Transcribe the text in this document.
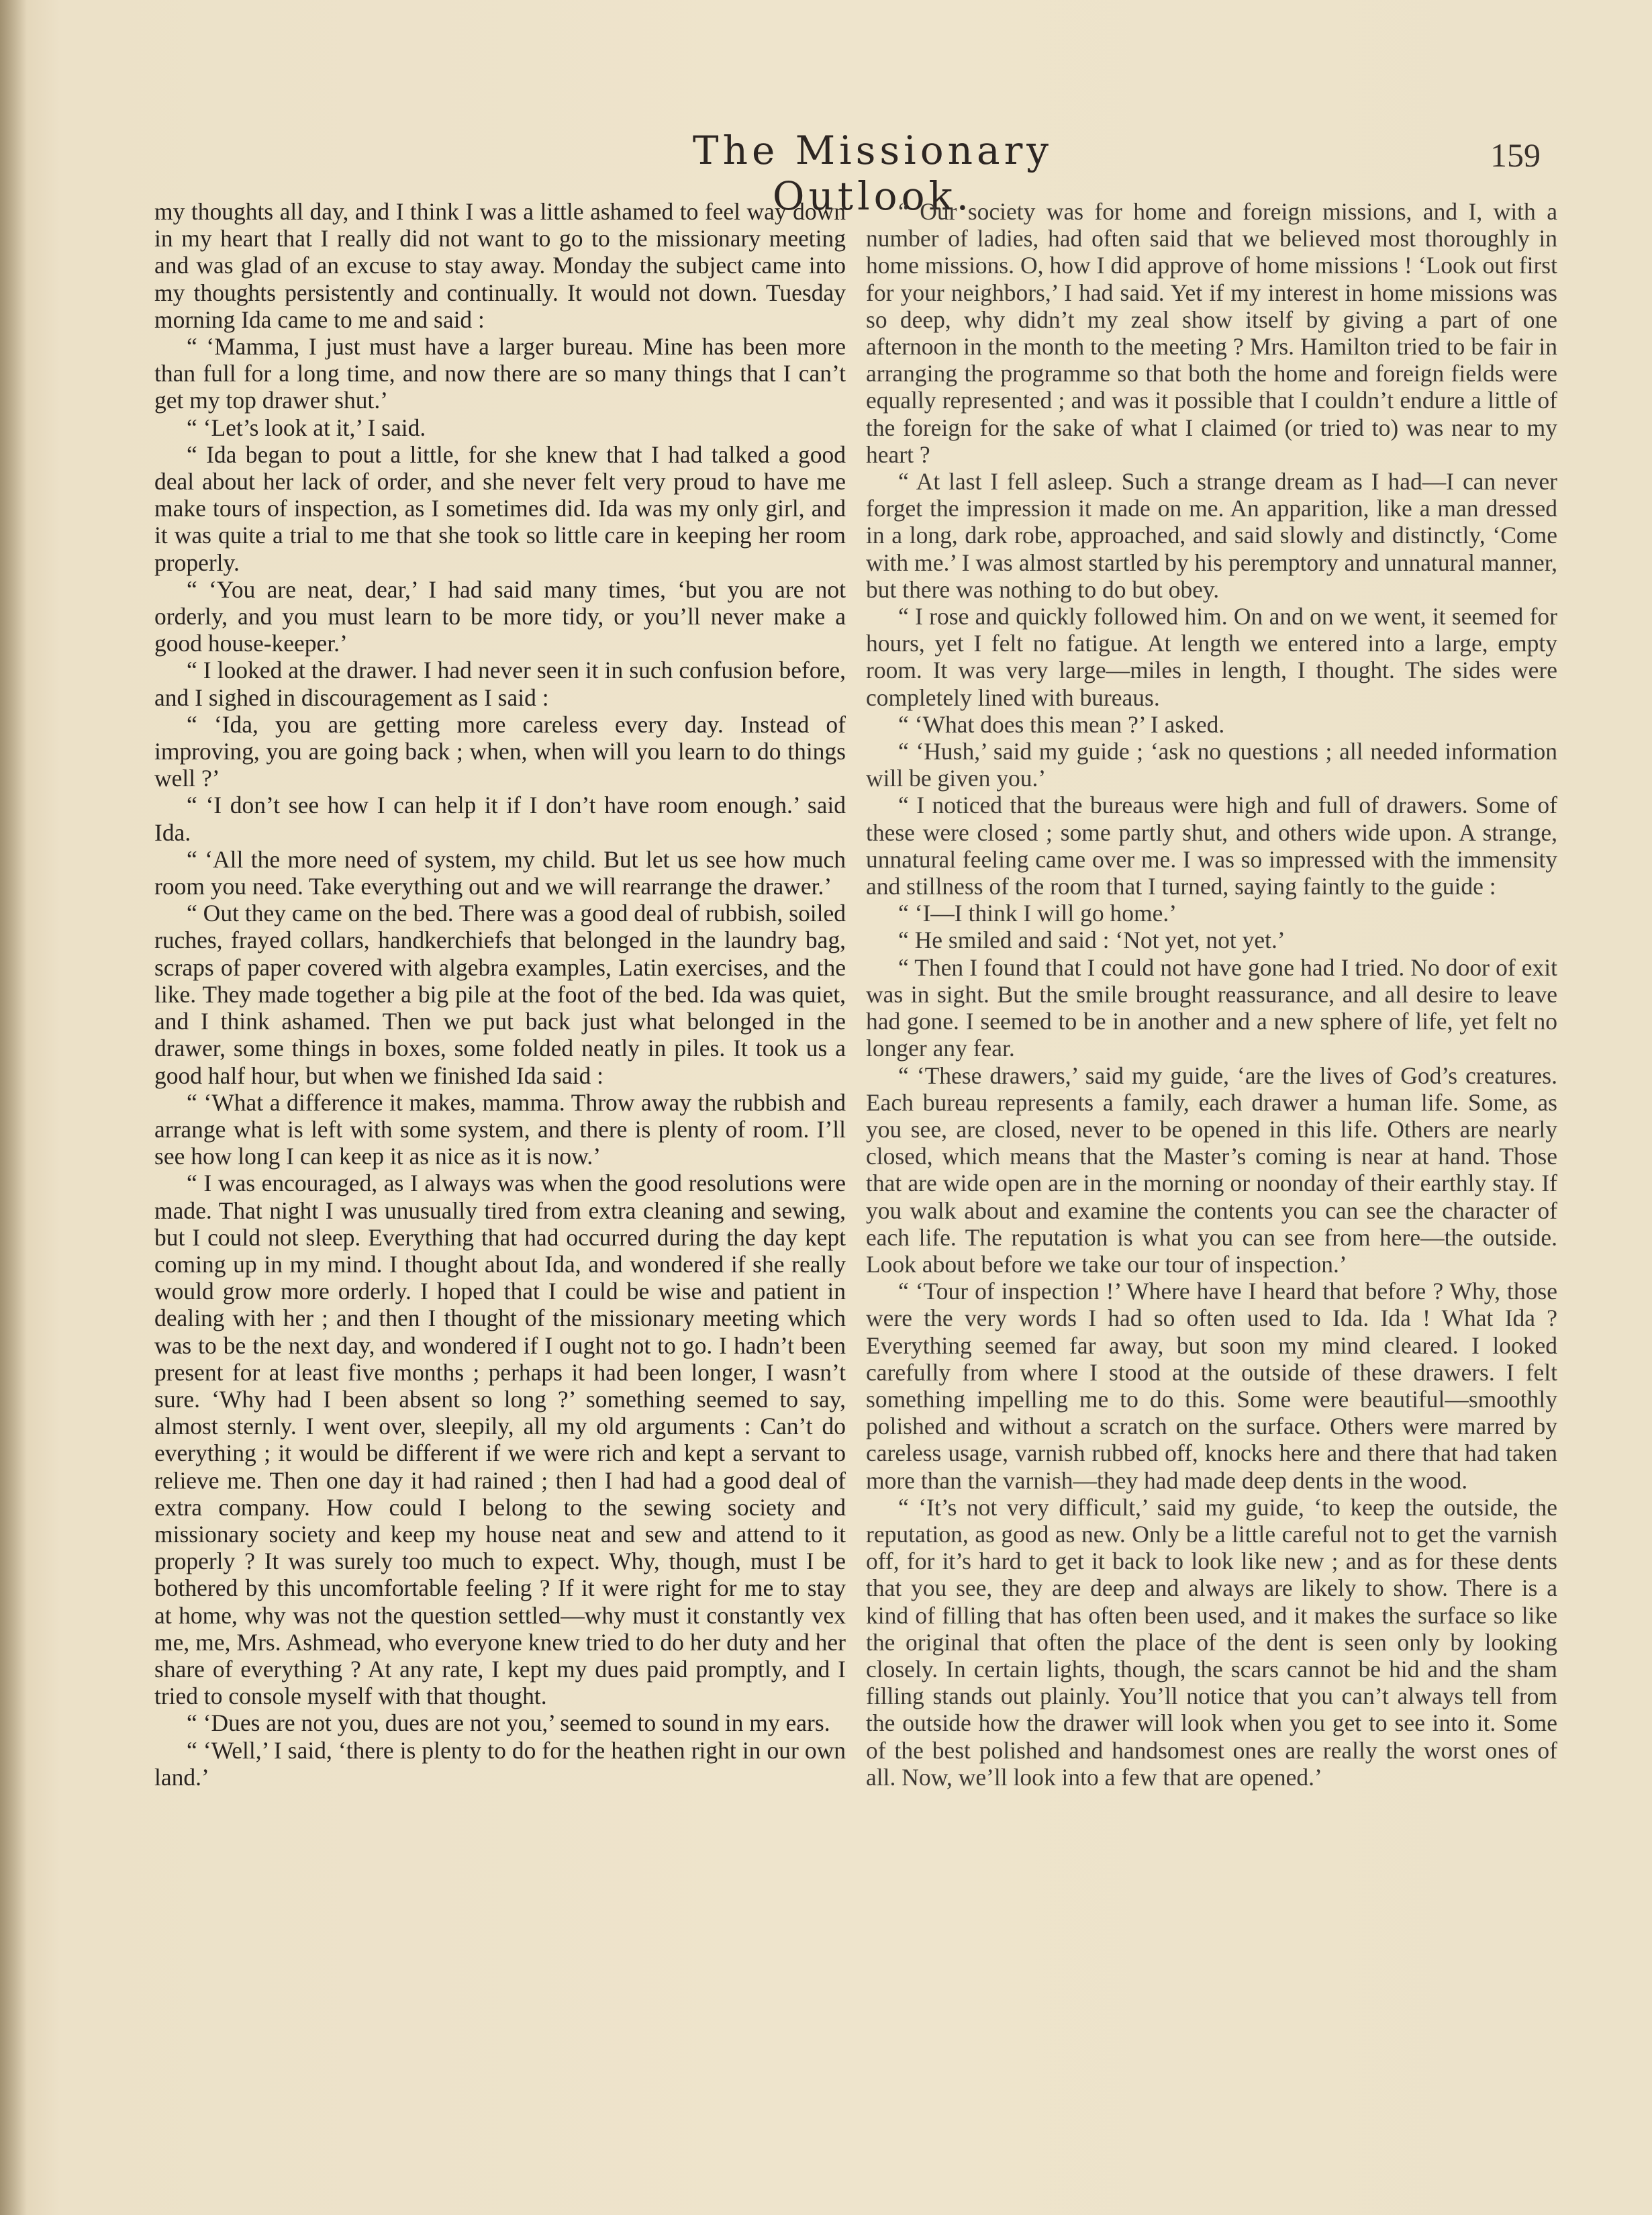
The Missionary Outlook.
159

my thoughts all day, and I think I was a little ashamed to feel way down in my heart that I really did not want to go to the missionary meeting and was glad of an excuse to stay away. Monday the subject came into my thoughts persistently and continually. It would not down. Tuesday morning Ida came to me and said :

“ ‘Mamma, I just must have a larger bureau. Mine has been more than full for a long time, and now there are so many things that I can’t get my top drawer shut.’

“ ‘Let’s look at it,’ I said.

“ Ida began to pout a little, for she knew that I had talked a good deal about her lack of order, and she never felt very proud to have me make tours of inspection, as I sometimes did. Ida was my only girl, and it was quite a trial to me that she took so little care in keeping her room properly.

“ ‘You are neat, dear,’ I had said many times, ‘but you are not orderly, and you must learn to be more tidy, or you’ll never make a good house-keeper.’

“ I looked at the drawer. I had never seen it in such confusion before, and I sighed in discouragement as I said :

“ ‘Ida, you are getting more careless every day. Instead of improving, you are going back ; when, when will you learn to do things well ?’

“ ‘I don’t see how I can help it if I don’t have room enough.’ said Ida.

“ ‘All the more need of system, my child. But let us see how much room you need. Take everything out and we will rearrange the drawer.’

“ Out they came on the bed. There was a good deal of rubbish, soiled ruches, frayed collars, handkerchiefs that belonged in the laundry bag, scraps of paper covered with algebra examples, Latin exercises, and the like. They made together a big pile at the foot of the bed. Ida was quiet, and I think ashamed. Then we put back just what belonged in the drawer, some things in boxes, some folded neatly in piles. It took us a good half hour, but when we finished Ida said :

“ ‘What a difference it makes, mamma. Throw away the rubbish and arrange what is left with some system, and there is plenty of room. I’ll see how long I can keep it as nice as it is now.’

“ I was encouraged, as I always was when the good resolutions were made. That night I was unusually tired from extra cleaning and sewing, but I could not sleep. Everything that had occurred during the day kept coming up in my mind. I thought about Ida, and wondered if she really would grow more orderly. I hoped that I could be wise and patient in dealing with her ; and then I thought of the missionary meeting which was to be the next day, and wondered if I ought not to go. I hadn’t been present for at least five months ; perhaps it had been longer, I wasn’t sure. ‘Why had I been absent so long ?’ something seemed to say, almost sternly. I went over, sleepily, all my old arguments : Can’t do everything ; it would be different if we were rich and kept a servant to relieve me. Then one day it had rained ; then I had had a good deal of extra company. How could I belong to the sewing society and missionary society and keep my house neat and sew and attend to it properly ? It was surely too much to expect. Why, though, must I be bothered by this uncomfortable feeling ? If it were right for me to stay at home, why was not the question settled—why must it constantly vex me, me, Mrs. Ashmead, who everyone knew tried to do her duty and her share of everything ? At any rate, I kept my dues paid promptly, and I tried to console myself with that thought.

“ ‘Dues are not you, dues are not you,’ seemed to sound in my ears.

“ ‘Well,’ I said, ‘there is plenty to do for the heathen right in our own land.’

“ Our society was for home and foreign missions, and I, with a number of ladies, had often said that we believed most thoroughly in home missions. O, how I did approve of home missions ! ‘Look out first for your neighbors,’ I had said. Yet if my interest in home missions was so deep, why didn’t my zeal show itself by giving a part of one afternoon in the month to the meeting ? Mrs. Hamilton tried to be fair in arranging the programme so that both the home and foreign fields were equally represented ; and was it possible that I couldn’t endure a little of the foreign for the sake of what I claimed (or tried to) was near to my heart ?

“ At last I fell asleep. Such a strange dream as I had—I can never forget the impression it made on me. An apparition, like a man dressed in a long, dark robe, approached, and said slowly and distinctly, ‘Come with me.’ I was almost startled by his peremptory and unnatural manner, but there was nothing to do but obey.

“ I rose and quickly followed him. On and on we went, it seemed for hours, yet I felt no fatigue. At length we entered into a large, empty room. It was very large—miles in length, I thought. The sides were completely lined with bureaus.

“ ‘What does this mean ?’ I asked.

“ ‘Hush,’ said my guide ; ‘ask no questions ; all needed information will be given you.’

“ I noticed that the bureaus were high and full of drawers. Some of these were closed ; some partly shut, and others wide upon. A strange, unnatural feeling came over me. I was so impressed with the immensity and stillness of the room that I turned, saying faintly to the guide :

“ ‘I—I think I will go home.’

“ He smiled and said : ‘Not yet, not yet.’

“ Then I found that I could not have gone had I tried. No door of exit was in sight. But the smile brought reassurance, and all desire to leave had gone. I seemed to be in another and a new sphere of life, yet felt no longer any fear.

“ ‘These drawers,’ said my guide, ‘are the lives of God’s creatures. Each bureau represents a family, each drawer a human life. Some, as you see, are closed, never to be opened in this life. Others are nearly closed, which means that the Master’s coming is near at hand. Those that are wide open are in the morning or noonday of their earthly stay. If you walk about and examine the contents you can see the character of each life. The reputation is what you can see from here—the outside. Look about before we take our tour of inspection.’

“ ‘Tour of inspection !’ Where have I heard that before ? Why, those were the very words I had so often used to Ida. Ida ! What Ida ? Everything seemed far away, but soon my mind cleared. I looked carefully from where I stood at the outside of these drawers. I felt something impelling me to do this. Some were beautiful—smoothly polished and without a scratch on the surface. Others were marred by careless usage, varnish rubbed off, knocks here and there that had taken more than the varnish—they had made deep dents in the wood.

“ ‘It’s not very difficult,’ said my guide, ‘to keep the outside, the reputation, as good as new. Only be a little careful not to get the varnish off, for it’s hard to get it back to look like new ; and as for these dents that you see, they are deep and always are likely to show. There is a kind of filling that has often been used, and it makes the surface so like the original that often the place of the dent is seen only by looking closely. In certain lights, though, the scars cannot be hid and the sham filling stands out plainly. You’ll notice that you can’t always tell from the outside how the drawer will look when you get to see into it. Some of the best polished and handsomest ones are really the worst ones of all. Now, we’ll look into a few that are opened.’
